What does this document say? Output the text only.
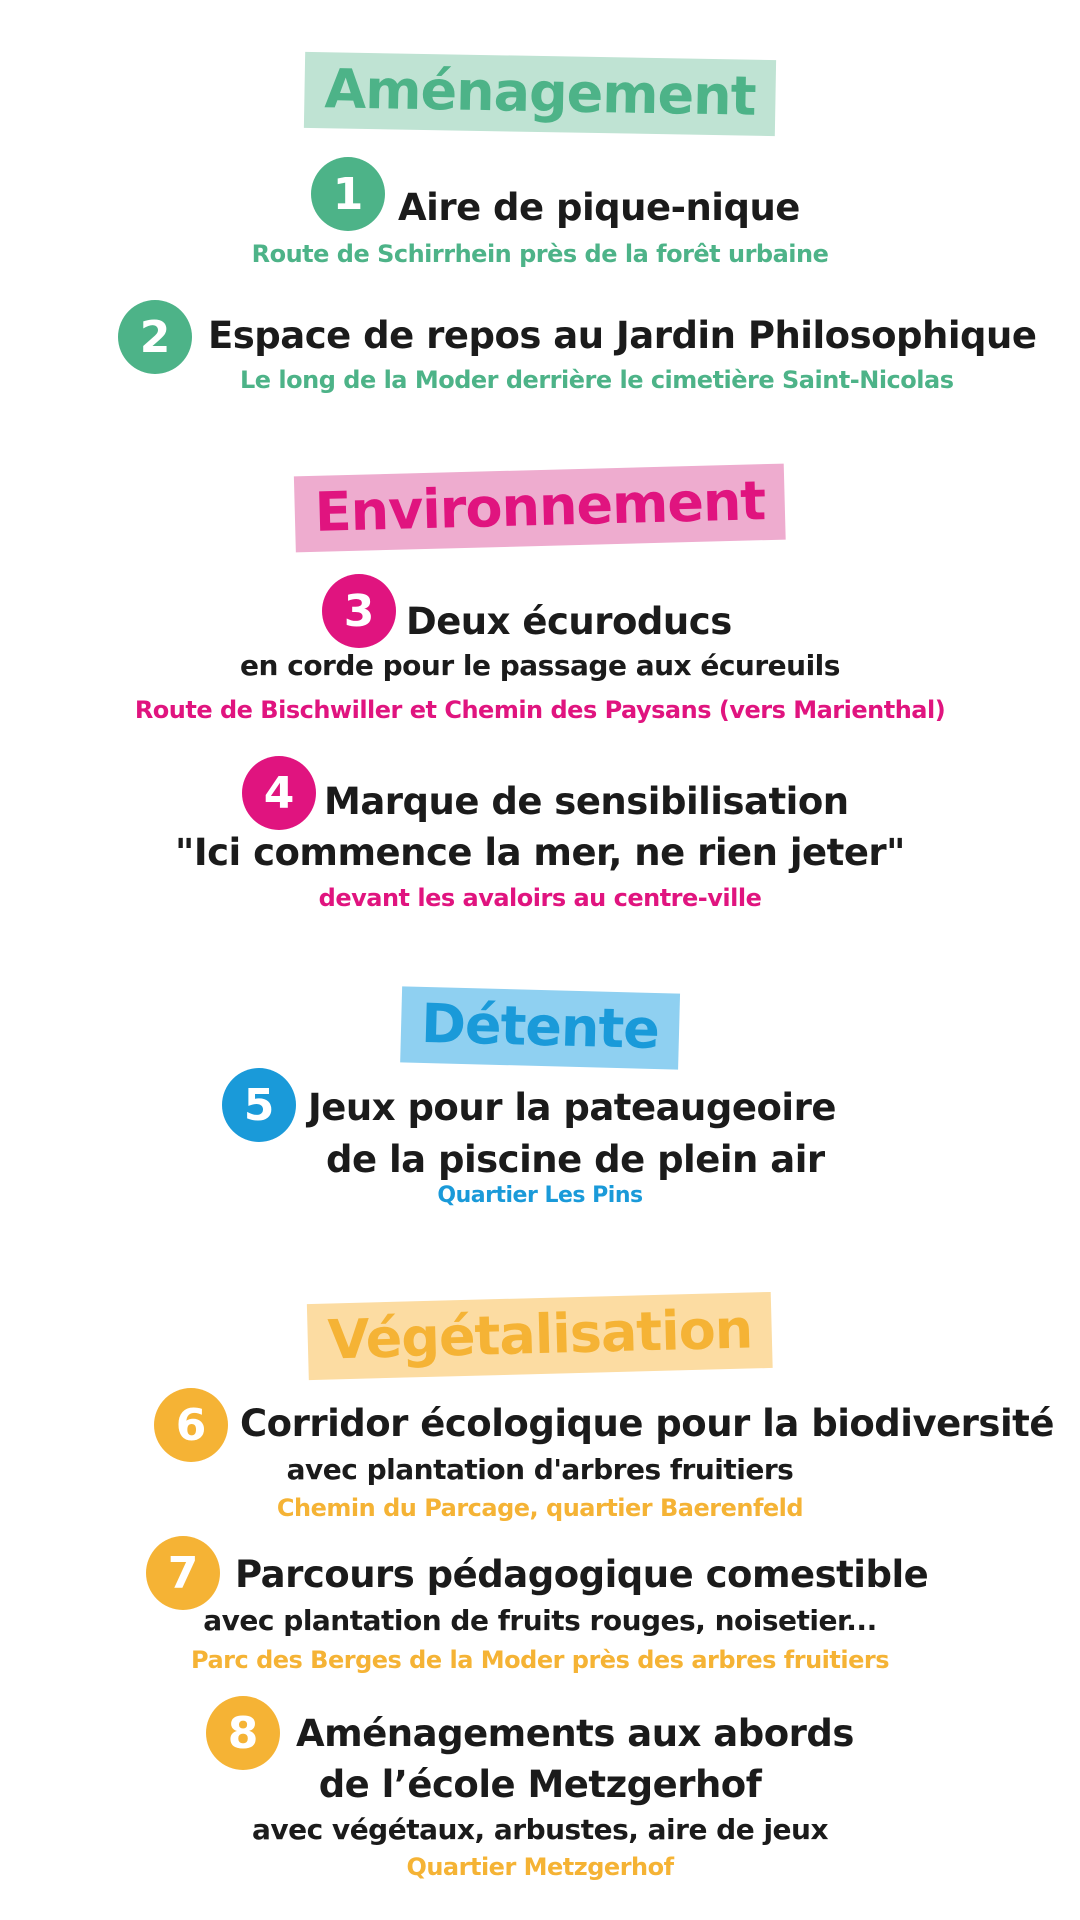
Aménagement
1 Aire de pique-nique
Route de Schirrhein près de la forêt urbaine
2	Espace de repos au Jardin Philosophique
Le long de la Moder derrière le cimetière Saint-Nicolas
Environnement
3 Deux écuroducs
en corde pour le passage aux écureuils
Route de Bischwiller et Chemin des Paysans (vers Marienthal)
4 Marque de sensibilisation
"Ici commence la mer, ne rien jeter"
devant les avaloirs au centre-ville
Détente
5 Jeux pour la pateaugeoire
de la piscine de plein air
Quartier Les Pins
Végétalisation
6 Corridor écologique pour la biodiversité
avec plantation d'arbres fruitiers
Chemin du Parcage, quartier Baerenfeld
7 Parcours pédagogique comestible
avec plantation de fruits rouges, noisetier...
Parc des Berges de la Moder près des arbres fruitiers
8	Aménagements aux abords
de l’école Metzgerhof
avec végétaux, arbustes, aire de jeux
Quartier Metzgerhof
